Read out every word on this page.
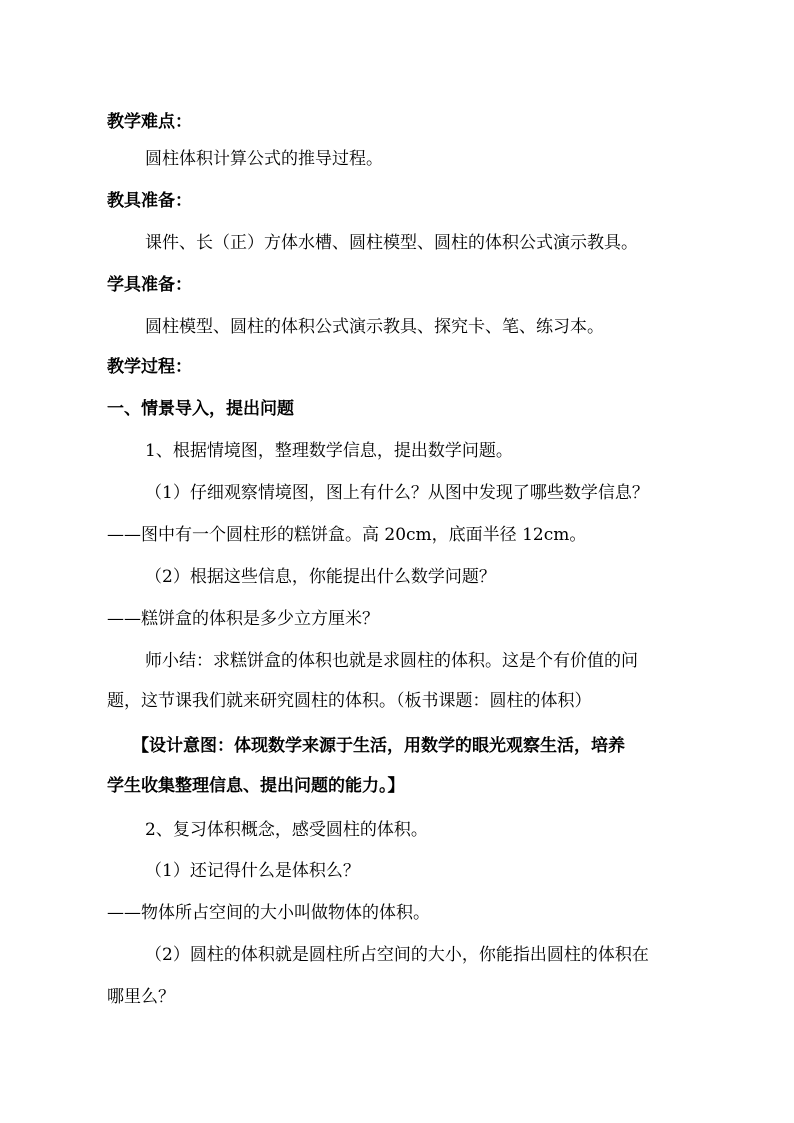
教学难点：
圆柱体积计算公式的推导过程。
教具准备：
课件、长（正）方体水槽、圆柱模型、圆柱的体积公式演示教具。
学具准备：
圆柱模型、圆柱的体积公式演示教具、探究卡、笔、练习本。
教学过程：
一、情景导入，提出问题
1、根据情境图，整理数学信息，提出数学问题。
（1）仔细观察情境图，图上有什么？从图中发现了哪些数学信息？
——图中有一个圆柱形的糕饼盒。高 20cm，底面半径 12cm。
（2）根据这些信息，你能提出什么数学问题？
——糕饼盒的体积是多少立方厘米？
师小结：求糕饼盒的体积也就是求圆柱的体积。这是个有价值的问
题，这节课我们就来研究圆柱的体积。（板书课题：圆柱的体积）
【设计意图：体现数学来源于生活，用数学的眼光观察生活，培养
学生收集整理信息、提出问题的能力。】
2、复习体积概念，感受圆柱的体积。
（1）还记得什么是体积么？
——物体所占空间的大小叫做物体的体积。
（2）圆柱的体积就是圆柱所占空间的大小，你能指出圆柱的体积在
哪里么？
